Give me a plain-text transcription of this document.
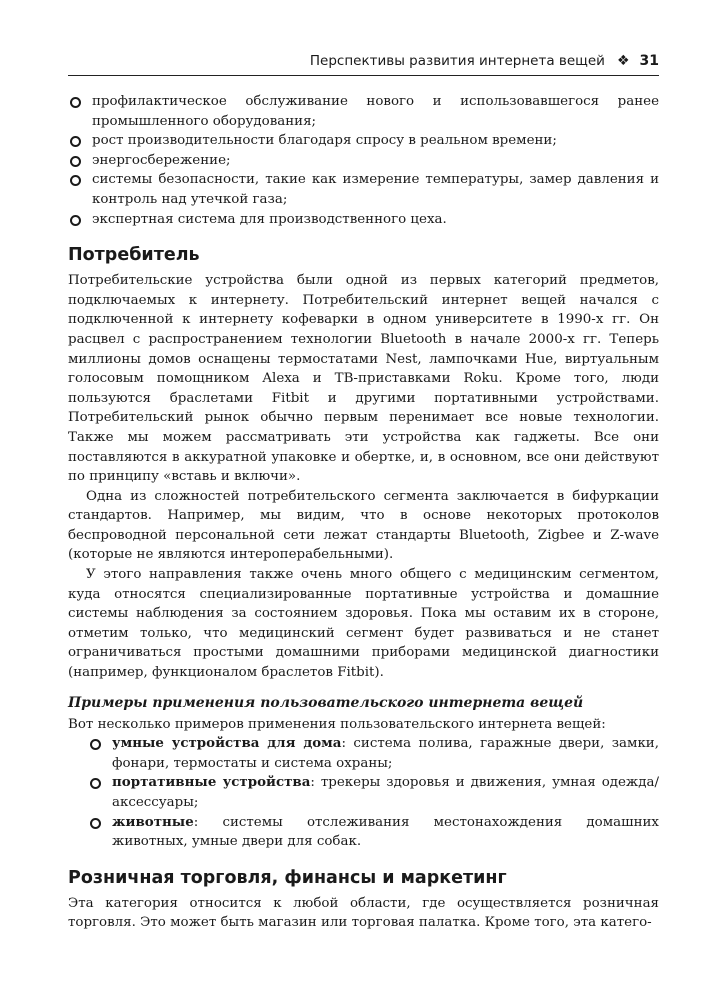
Перспективы развития интернета вещей ❖ 31
профилактическое обслуживание нового и использовавшегося ранее промышленного оборудования;
рост производительности благодаря спросу в реальном времени;
энергосбережение;
системы безопасности, такие как измерение температуры, замер давления и контроль над утечкой газа;
экспертная система для производственного цеха.
Потребитель

Потребительские устройства были одной из первых категорий предметов, подключаемых к интернету. Потребительский интернет вещей начался с подключенной к интернету кофеварки в одном университете в 1990-х гг. Он расцвел с распространением технологии Bluetooth в начале 2000-х гг. Теперь миллионы домов оснащены термостатами Nest, лампочками Hue, виртуальным голосовым помощником Alexa и ТВ-приставками Roku. Кроме того, люди пользуются браслетами Fitbit и другими портативными устройствами. Потребительский рынок обычно первым перенимает все новые технологии. Также мы можем рассматривать эти устройства как гаджеты. Все они поставляются в аккуратной упаковке и обертке, и, в основном, все они действуют по принципу «вставь и включи».

Одна из сложностей потребительского сегмента заключается в бифуркации стандартов. Например, мы видим, что в основе некоторых протоколов беспроводной персональной сети лежат стандарты Bluetooth, Zigbee и Z-wave (которые не являются интероперабельными).

У этого направления также очень много общего с медицинским сегментом, куда относятся специализированные портативные устройства и домашние системы наблюдения за состоянием здоровья. Пока мы оставим их в стороне, отметим только, что медицинский сегмент будет развиваться и не станет ограничиваться простыми домашними приборами медицинской диагностики (например, функционалом браслетов Fitbit).

Примеры применения пользовательского интернета вещей

Вот несколько примеров применения пользовательского интернета вещей:

умные устройства для дома: система полива, гаражные двери, замки, фонари, термостаты и система охраны;
портативные устройства: трекеры здоровья и движения, умная одежда/аксессуары;
животные: системы отслеживания местонахождения домашних животных, умные двери для собак.
Розничная торговля, финансы и маркетинг

Эта категория относится к любой области, где осуществляется розничная торговля. Это может быть магазин или торговая палатка. Кроме того, эта катего-
